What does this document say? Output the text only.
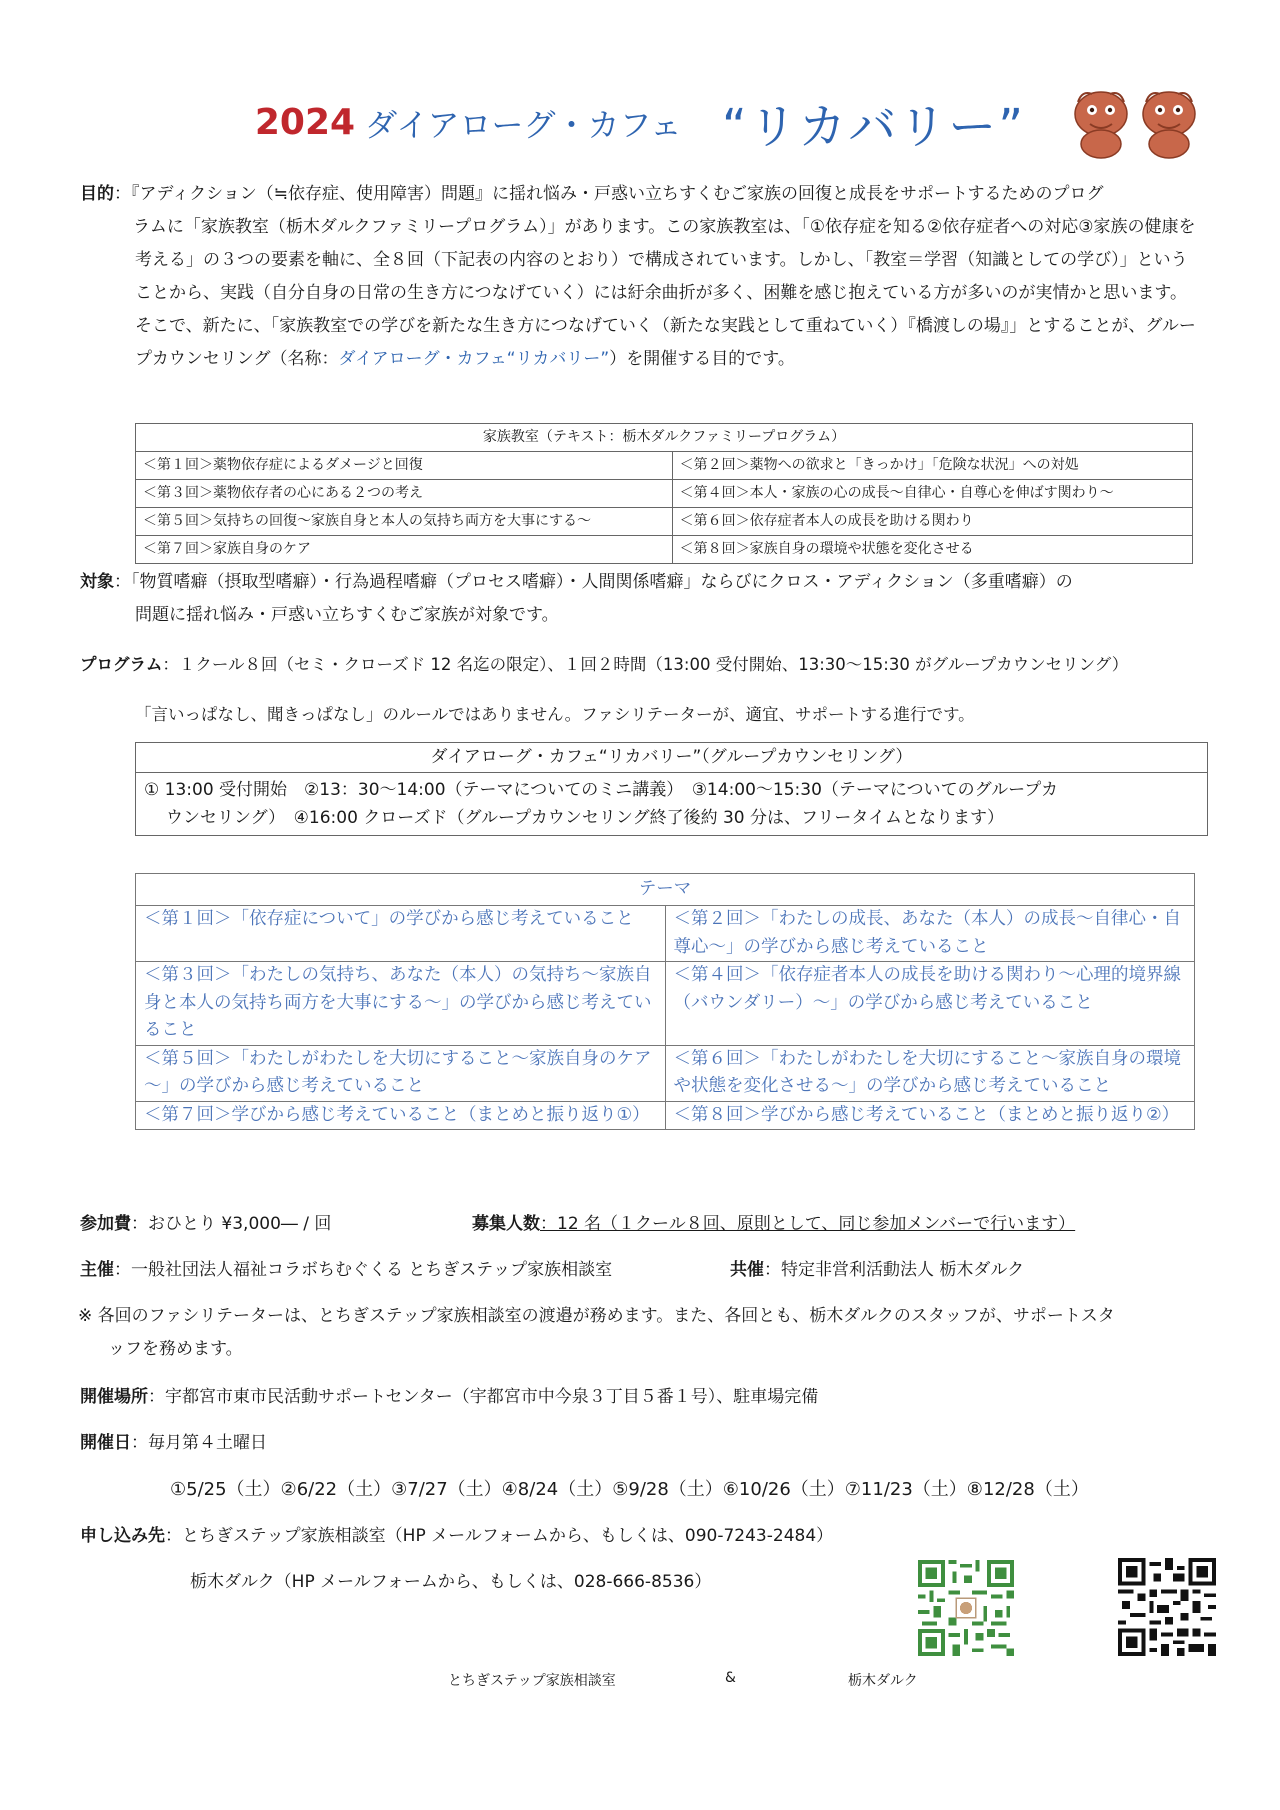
2024 ダイアローグ・カフェ “リカバリー”
目的：『アディクション（≒依存症、使用障害）問題』に揺れ悩み・戸惑い立ちすくむご家族の回復と成長をサポートするためのプログ
ラムに「家族教室（栃木ダルクファミリープログラム）」があります。この家族教室は、「①依存症を知る②依存症者への対応③家族の健康を考える」の３つの要素を軸に、全８回（下記表の内容のとおり）で構成されています。しかし、「教室＝学習（知識としての学び）」ということから、実践（自分自身の日常の生き方につなげていく）には紆余曲折が多く、困難を感じ抱えている方が多いのが実情かと思います。そこで、新たに、「家族教室での学びを新たな生き方につなげていく（新たな実践として重ねていく）『橋渡しの場』」とすることが、グループカウンセリング（名称：ダイアローグ・カフェ“リカバリー”）を開催する目的です。
家族教室（テキスト：栃木ダルクファミリープログラム）	
＜第１回＞薬物依存症によるダメージと回復	＜第２回＞薬物への欲求と「きっかけ」「危険な状況」への対処
＜第３回＞薬物依存者の心にある２つの考え	＜第４回＞本人・家族の心の成長～自律心・自尊心を伸ばす関わり～
＜第５回＞気持ちの回復～家族自身と本人の気持ち両方を大事にする～	＜第６回＞依存症者本人の成長を助ける関わり
＜第７回＞家族自身のケア	＜第８回＞家族自身の環境や状態を変化させる
対象：「物質嗜癖（摂取型嗜癖）・行為過程嗜癖（プロセス嗜癖）・人間関係嗜癖」ならびにクロス・アディクション（多重嗜癖）の
問題に揺れ悩み・戸惑い立ちすくむご家族が対象です。
プログラム：１クール８回（セミ・クローズド 12 名迄の限定）、１回２時間（13:00 受付開始、13:30～15:30 がグループカウンセリング）
「言いっぱなし、聞きっぱなし」のルールではありません。ファシリテーターが、適宜、サポートする進行です。
ダイアローグ・カフェ“リカバリー”（グループカウンセリング）

① 13:00 受付開始　②13：30～14:00（テーマについてのミニ講義）　③14:00～15:30（テーマについてのグループカ
ウンセリング）　④16:00 クローズド（グループカウンセリング終了後約 30 分は、フリータイムとなります）
テーマ	
＜第１回＞「依存症について」の学びから感じ考えていること	＜第２回＞「わたしの成長、あなた（本人）の成長～自律心・自尊心～」の学びから感じ考えていること
＜第３回＞「わたしの気持ち、あなた（本人）の気持ち～家族自身と本人の気持ち両方を大事にする～」の学びから感じ考えていること	＜第４回＞「依存症者本人の成長を助ける関わり～心理的境界線（バウンダリー）～」の学びから感じ考えていること
＜第５回＞「わたしがわたしを大切にすること～家族自身のケア～」の学びから感じ考えていること	＜第６回＞「わたしがわたしを大切にすること～家族自身の環境や状態を変化させる～」の学びから感じ考えていること
＜第７回＞学びから感じ考えていること（まとめと振り返り①）	＜第８回＞学びから感じ考えていること（まとめと振り返り②）
参加費：おひとり ¥3,000― / 回	募集人数：12 名（１クール８回、原則として、同じ参加メンバーで行います）
主催：一般社団法人福祉コラボちむぐくる とちぎステップ家族相談室	共催：特定非営利活動法人 栃木ダルク
※ 各回のファシリテーターは、とちぎステップ家族相談室の渡邉が務めます。また、各回とも、栃木ダルクのスタッフが、サポートスタ
ッフを務めます。
開催場所：宇都宮市東市民活動サポートセンター（宇都宮市中今泉３丁目５番１号）、駐車場完備
開催日：毎月第４土曜日
①5/25（土）②6/22（土）③7/27（土）④8/24（土）⑤9/28（土）⑥10/26（土）⑦11/23（土）⑧12/28（土）
申し込み先：とちぎステップ家族相談室（HP メールフォームから、もしくは、090-7243-2484）
栃木ダルク（HP メールフォームから、もしくは、028-666-8536）
とちぎステップ家族相談室	&	栃木ダルク
